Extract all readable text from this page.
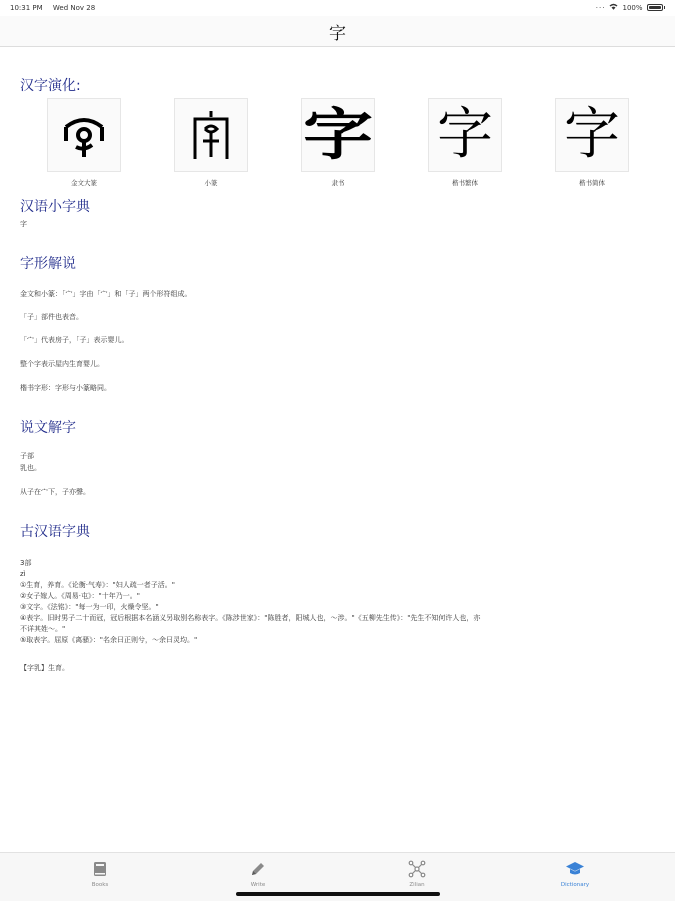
10:31 PM Wed Nov 28	··· 100%
字
汉字演化:
金文大篆	小篆
字
隶书
字
楷书繁体
字
楷书简体
汉语小字典
字
字形解说
金文和小篆：「宀」字由「宀」和「子」两个形符组成。
「子」部件也表音。
「宀」代表房子，「子」表示婴儿。
整个字表示屋内生育婴儿。
楷书字形：字形与小篆略同。
说文解字
子部
乳也。
从子在宀下，子亦聲。
古汉语字典
3部
zì
①生育，养育。《论衡·气寿》："妇人疏一者子活。"
②女子嫁人。《周易·屯》："十年乃一。"
③文字。《法铭》："每一为一印，火燥令坚。"
④表字。旧时男子二十而冠，冠后根据本名涵义另取别名称表字。《陈涉世家》："陈胜者，阳城人也，～涉。"《五柳先生传》："先生不知何许人也，亦
不详其姓～。"
⑤取表字。屈原《离骚》："名余曰正则兮，～余曰灵均。"
【字乳】生育。
Books	Write	Zilian	Dictionary
